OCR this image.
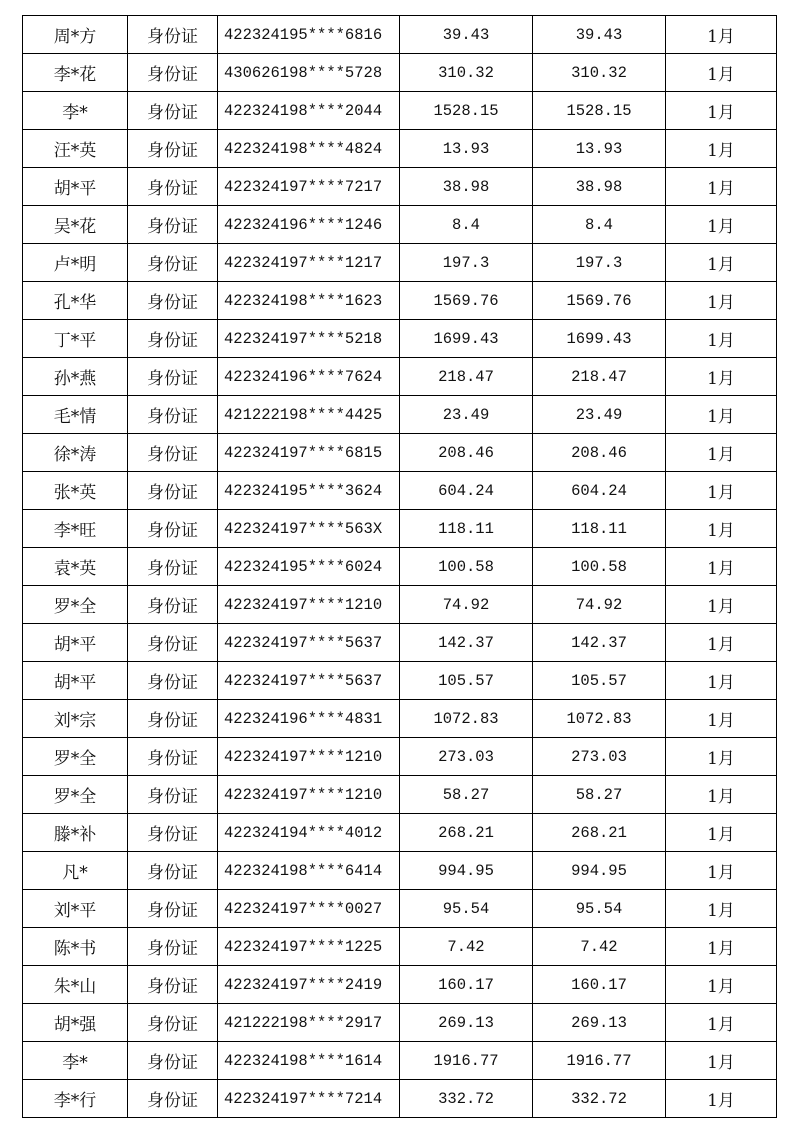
周*方	身份证	422324195****6816	39.43	39.43	1月
李*花	身份证	430626198****5728	310.32	310.32	1月
李*	身份证	422324198****2044	1528.15	1528.15	1月
汪*英	身份证	422324198****4824	13.93	13.93	1月
胡*平	身份证	422324197****7217	38.98	38.98	1月
吴*花	身份证	422324196****1246	8.4	8.4	1月
卢*明	身份证	422324197****1217	197.3	197.3	1月
孔*华	身份证	422324198****1623	1569.76	1569.76	1月
丁*平	身份证	422324197****5218	1699.43	1699.43	1月
孙*燕	身份证	422324196****7624	218.47	218.47	1月
毛*情	身份证	421222198****4425	23.49	23.49	1月
徐*涛	身份证	422324197****6815	208.46	208.46	1月
张*英	身份证	422324195****3624	604.24	604.24	1月
李*旺	身份证	422324197****563X	118.11	118.11	1月
袁*英	身份证	422324195****6024	100.58	100.58	1月
罗*全	身份证	422324197****1210	74.92	74.92	1月
胡*平	身份证	422324197****5637	142.37	142.37	1月
胡*平	身份证	422324197****5637	105.57	105.57	1月
刘*宗	身份证	422324196****4831	1072.83	1072.83	1月
罗*全	身份证	422324197****1210	273.03	273.03	1月
罗*全	身份证	422324197****1210	58.27	58.27	1月
滕*补	身份证	422324194****4012	268.21	268.21	1月
凡*	身份证	422324198****6414	994.95	994.95	1月
刘*平	身份证	422324197****0027	95.54	95.54	1月
陈*书	身份证	422324197****1225	7.42	7.42	1月
朱*山	身份证	422324197****2419	160.17	160.17	1月
胡*强	身份证	421222198****2917	269.13	269.13	1月
李*	身份证	422324198****1614	1916.77	1916.77	1月
李*行	身份证	422324197****7214	332.72	332.72	1月
